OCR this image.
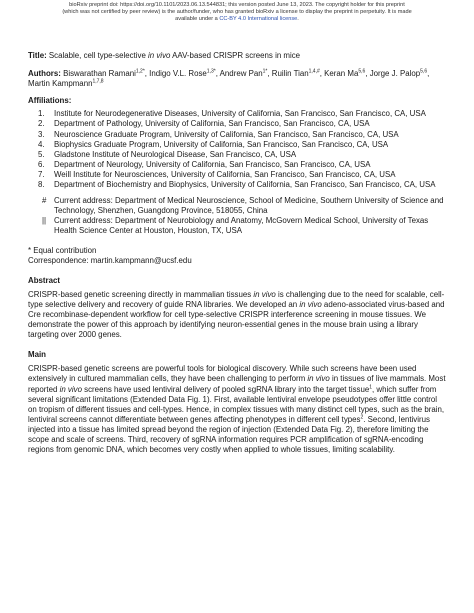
bioRxiv preprint doi: https://doi.org/10.1101/2023.06.13.544831; this version posted June 13, 2023. The copyright holder for this preprint
(which was not certified by peer review) is the author/funder, who has granted bioRxiv a license to display the preprint in perpetuity. It is made
available under a CC-BY 4.0 International license.

Title: Scalable, cell type-selective in vivo AAV-based CRISPR screens in mice

Authors: Biswarathan Ramani$^{1,2*}$, Indigo V.L. Rose$^{1,3*}$, Andrew Pan$^{1*}$, Ruilin Tian$^{1,4,\#}$, Keran Ma$^{5,6}$, Jorge J. Palop$^{5,6}$, Martin Kampmann$^{1,7,8}$

Affiliations:

1.	Institute for Neurodegenerative Diseases, University of California, San Francisco, San Francisco, CA, USA
2.	Department of Pathology, University of California, San Francisco, San Francisco, CA, USA
3.	Neuroscience Graduate Program, University of California, San Francisco, San Francisco, CA, USA
4.	Biophysics Graduate Program, University of California, San Francisco, San Francisco, CA, USA
5.	Gladstone Institute of Neurological Disease, San Francisco, CA, USA
6.	Department of Neurology, University of California, San Francisco, San Francisco, CA, USA
7.	Weill Institute for Neurosciences, University of California, San Francisco, San Francisco, CA, USA
8.	Department of Biochemistry and Biophysics, University of California, San Francisco, San Francisco, CA, USA
# Current address: Department of Medical Neuroscience, School of Medicine, Southern University of Science and Technology, Shenzhen, Guangdong Province, 518055, China
|| Current address: Department of Neurobiology and Anatomy, McGovern Medical School, University of Texas Health Science Center at Houston, Houston, TX, USA

* Equal contribution

Correspondence: martin.kampmann@ucsf.edu

Abstract

CRISPR-based genetic screening directly in mammalian tissues in vivo is challenging due to the need for scalable, cell-type selective delivery and recovery of guide RNA libraries. We developed an in vivo adeno-associated virus-based and Cre recombinase-dependent workflow for cell type-selective CRISPR interference screening in mouse tissues. We demonstrate the power of this approach by identifying neuron-essential genes in the mouse brain using a library targeting over 2000 genes.

Main

CRISPR-based genetic screens are powerful tools for biological discovery. While such screens have been used extensively in cultured mammalian cells, they have been challenging to perform in vivo in tissues of live mammals. Most reported in vivo screens have used lentiviral delivery of pooled sgRNA library into the target tissue$^1$, which suffer from several significant limitations (Extended Data Fig. 1). First, available lentiviral envelope pseudotypes offer little control on tropism of different tissues and cell-types. Hence, in complex tissues with many distinct cell types, such as the brain, lentiviral screens cannot differentiate between genes affecting phenotypes in different cell types$^2$. Second, lentivirus injected into a tissue has limited spread beyond the region of injection (Extended Data Fig. 2), therefore limiting the scope and scale of screens. Third, recovery of sgRNA information requires PCR amplification of sgRNA-encoding regions from genomic DNA, which becomes very costly when applied to whole tissues, limiting scalability.
